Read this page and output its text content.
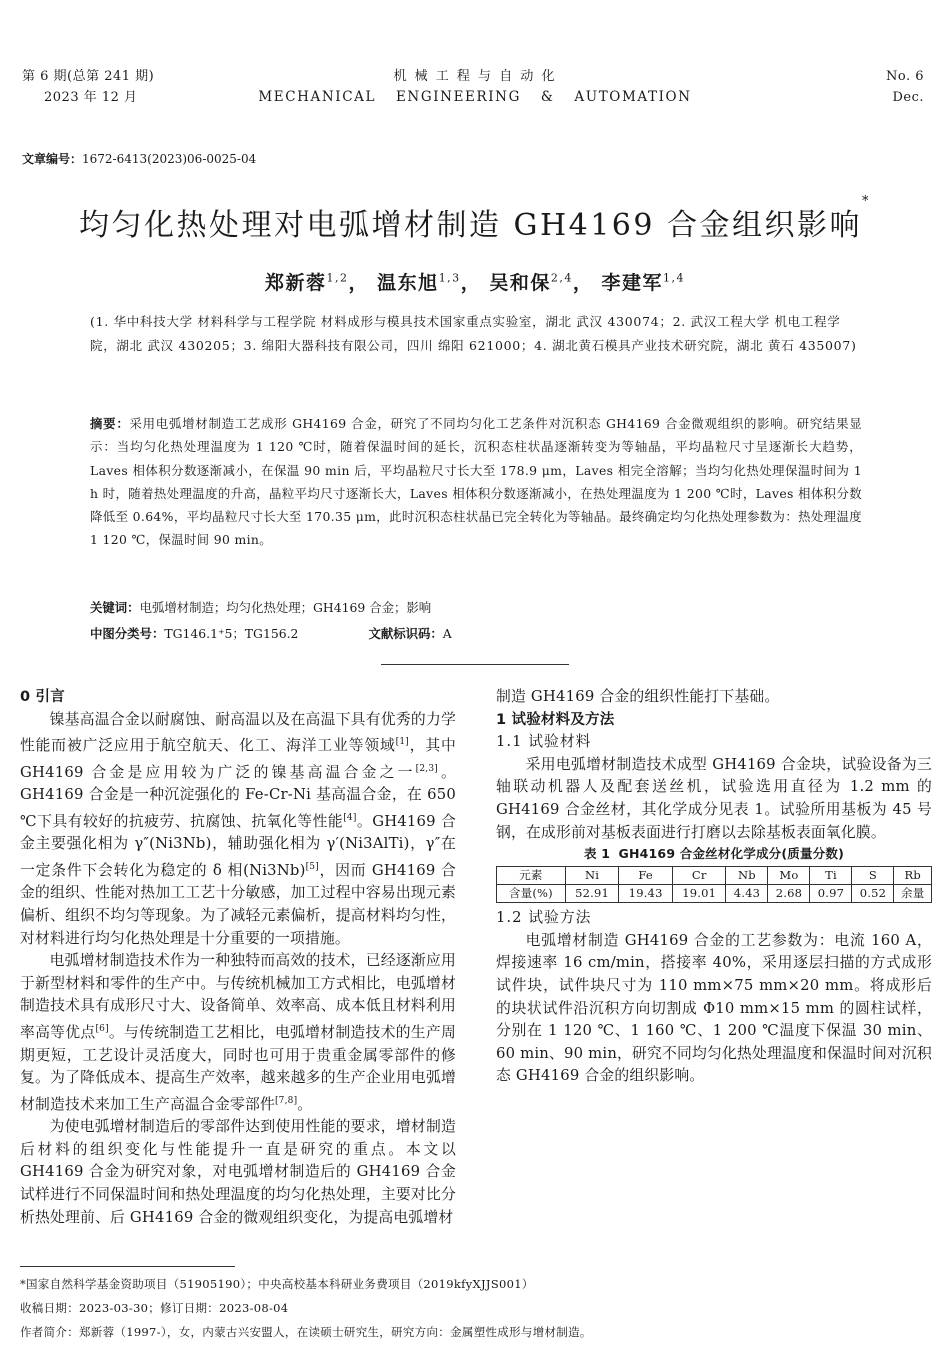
第 6 期(总第 241 期)
2023 年 12 月
机 械 工 程 与 自 动 化
MECHANICAL ENGINEERING & AUTOMATION
No. 6
Dec.
文章编号：1672-6413(2023)06-0025-04
均匀化热处理对电弧增材制造 GH4169 合金组织影响*
郑新蓉$^{1,2}$， 温东旭$^{1,3}$， 吴和保$^{2,4}$， 李建军$^{1,4}$
(1. 华中科技大学 材料科学与工程学院 材料成形与模具技术国家重点实验室，湖北 武汉 430074；2. 武汉工程大学 机电工程学院，湖北 武汉 430205；3. 绵阳大器科技有限公司，四川 绵阳 621000；4. 湖北黄石模具产业技术研究院，湖北 黄石 435007)
摘要：采用电弧增材制造工艺成形 GH4169 合金，研究了不同均匀化工艺条件对沉积态 GH4169 合金微观组织的影响。研究结果显示：当均匀化热处理温度为 1 120 ℃时，随着保温时间的延长，沉积态柱状晶逐渐转变为等轴晶，平均晶粒尺寸呈逐渐长大趋势，Laves 相体积分数逐渐减小，在保温 90 min 后，平均晶粒尺寸长大至 178.9 μm，Laves 相完全溶解；当均匀化热处理保温时间为 1 h 时，随着热处理温度的升高，晶粒平均尺寸逐渐长大，Laves 相体积分数逐渐减小，在热处理温度为 1 200 ℃时，Laves 相体积分数降低至 0.64%，平均晶粒尺寸长大至 170.35 μm，此时沉积态柱状晶已完全转化为等轴晶。最终确定均匀化热处理参数为：热处理温度 1 120 ℃，保温时间 90 min。
关键词：电弧增材制造；均匀化热处理；GH4169 合金；影响
中图分类号：TG146.1⁺5；TG156.2	文献标识码：A
0 引言

镍基高温合金以耐腐蚀、耐高温以及在高温下具有优秀的力学性能而被广泛应用于航空航天、化工、海洋工业等领域[1]，其中 GH4169 合金是应用较为广泛的镍基高温合金之一[2,3]。GH4169 合金是一种沉淀强化的 Fe-Cr-Ni 基高温合金，在 650 ℃下具有较好的抗疲劳、抗腐蚀、抗氧化等性能[4]。GH4169 合金主要强化相为 γ″(Ni3Nb)，辅助强化相为 γ′(Ni3AlTi)，γ″在一定条件下会转化为稳定的 δ 相(Ni3Nb)[5]，因而 GH4169 合金的组织、性能对热加工工艺十分敏感，加工过程中容易出现元素偏析、组织不均匀等现象。为了减轻元素偏析，提高材料均匀性，对材料进行均匀化热处理是十分重要的一项措施。

电弧增材制造技术作为一种独特而高效的技术，已经逐渐应用于新型材料和零件的生产中。与传统机械加工方式相比，电弧增材制造技术具有成形尺寸大、设备简单、效率高、成本低且材料利用率高等优点[6]。与传统制造工艺相比，电弧增材制造技术的生产周期更短，工艺设计灵活度大，同时也可用于贵重金属零部件的修复。为了降低成本、提高生产效率，越来越多的生产企业用电弧增材制造技术来加工生产高温合金零部件[7,8]。

为使电弧增材制造后的零部件达到使用性能的要求，增材制造后材料的组织变化与性能提升一直是研究的重点。本文以 GH4169 合金为研究对象，对电弧增材制造后的 GH4169 合金试样进行不同保温时间和热处理温度的均匀化热处理，主要对比分析热处理前、后 GH4169 合金的微观组织变化，为提高电弧增材

制造 GH4169 合金的组织性能打下基础。

1 试验材料及方法
1.1 试验材料

采用电弧增材制造技术成型 GH4169 合金块，试验设备为三轴联动机器人及配套送丝机，试验选用直径为 1.2 mm 的 GH4169 合金丝材，其化学成分见表 1。试验所用基板为 45 号钢，在成形前对基板表面进行打磨以去除基板表面氧化膜。

表 1 GH4169 合金丝材化学成分(质量分数)
元素	Ni	Fe	Cr	Nb	Mo	Ti	S	Rb
含量(%)	52.91	19.43	19.01	4.43	2.68	0.97	0.52	余量
1.2 试验方法

电弧增材制造 GH4169 合金的工艺参数为：电流 160 A，焊接速率 16 cm/min，搭接率 40%，采用逐层扫描的方式成形试件块，试件块尺寸为 110 mm×75 mm×20 mm。将成形后的块状试件沿沉积方向切割成 Φ10 mm×15 mm 的圆柱试样，分别在 1 120 ℃、1 160 ℃、1 200 ℃温度下保温 30 min、60 min、90 min，研究不同均匀化热处理温度和保温时间对沉积态 GH4169 合金的组织影响。

*国家自然科学基金资助项目（51905190）；中央高校基本科研业务费项目（2019kfyXJJS001）
收稿日期：2023-03-30；修订日期：2023-08-04
作者简介：郑新蓉（1997-），女，内蒙古兴安盟人，在读硕士研究生，研究方向：金属塑性成形与增材制造。
